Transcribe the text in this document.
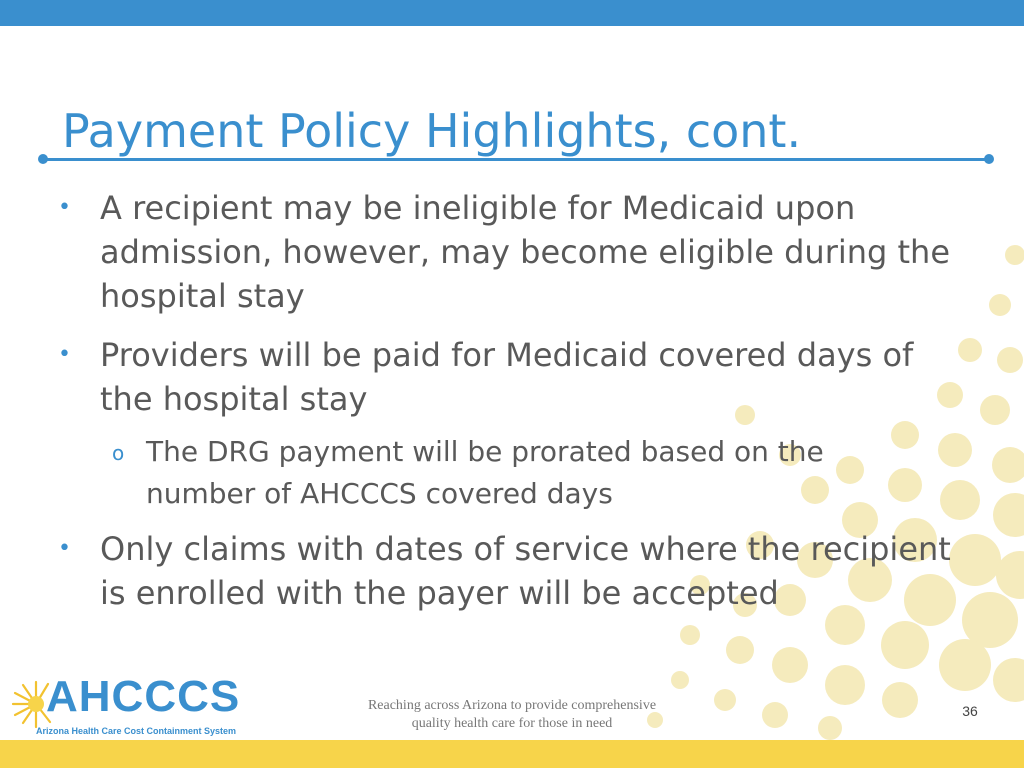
Payment Policy Highlights, cont.
• A recipient may be ineligible for Medicaid upon admission, however, may become eligible during the hospital stay
• Providers will be paid for Medicaid covered days of the hospital stay
o The DRG payment will be prorated based on the number of AHCCCS covered days
• Only claims with dates of service where the recipient is enrolled with the payer will be accepted
AHCCCS
Arizona Health Care Cost Containment System
Reaching across Arizona to provide comprehensive
quality health care for those in need
36
